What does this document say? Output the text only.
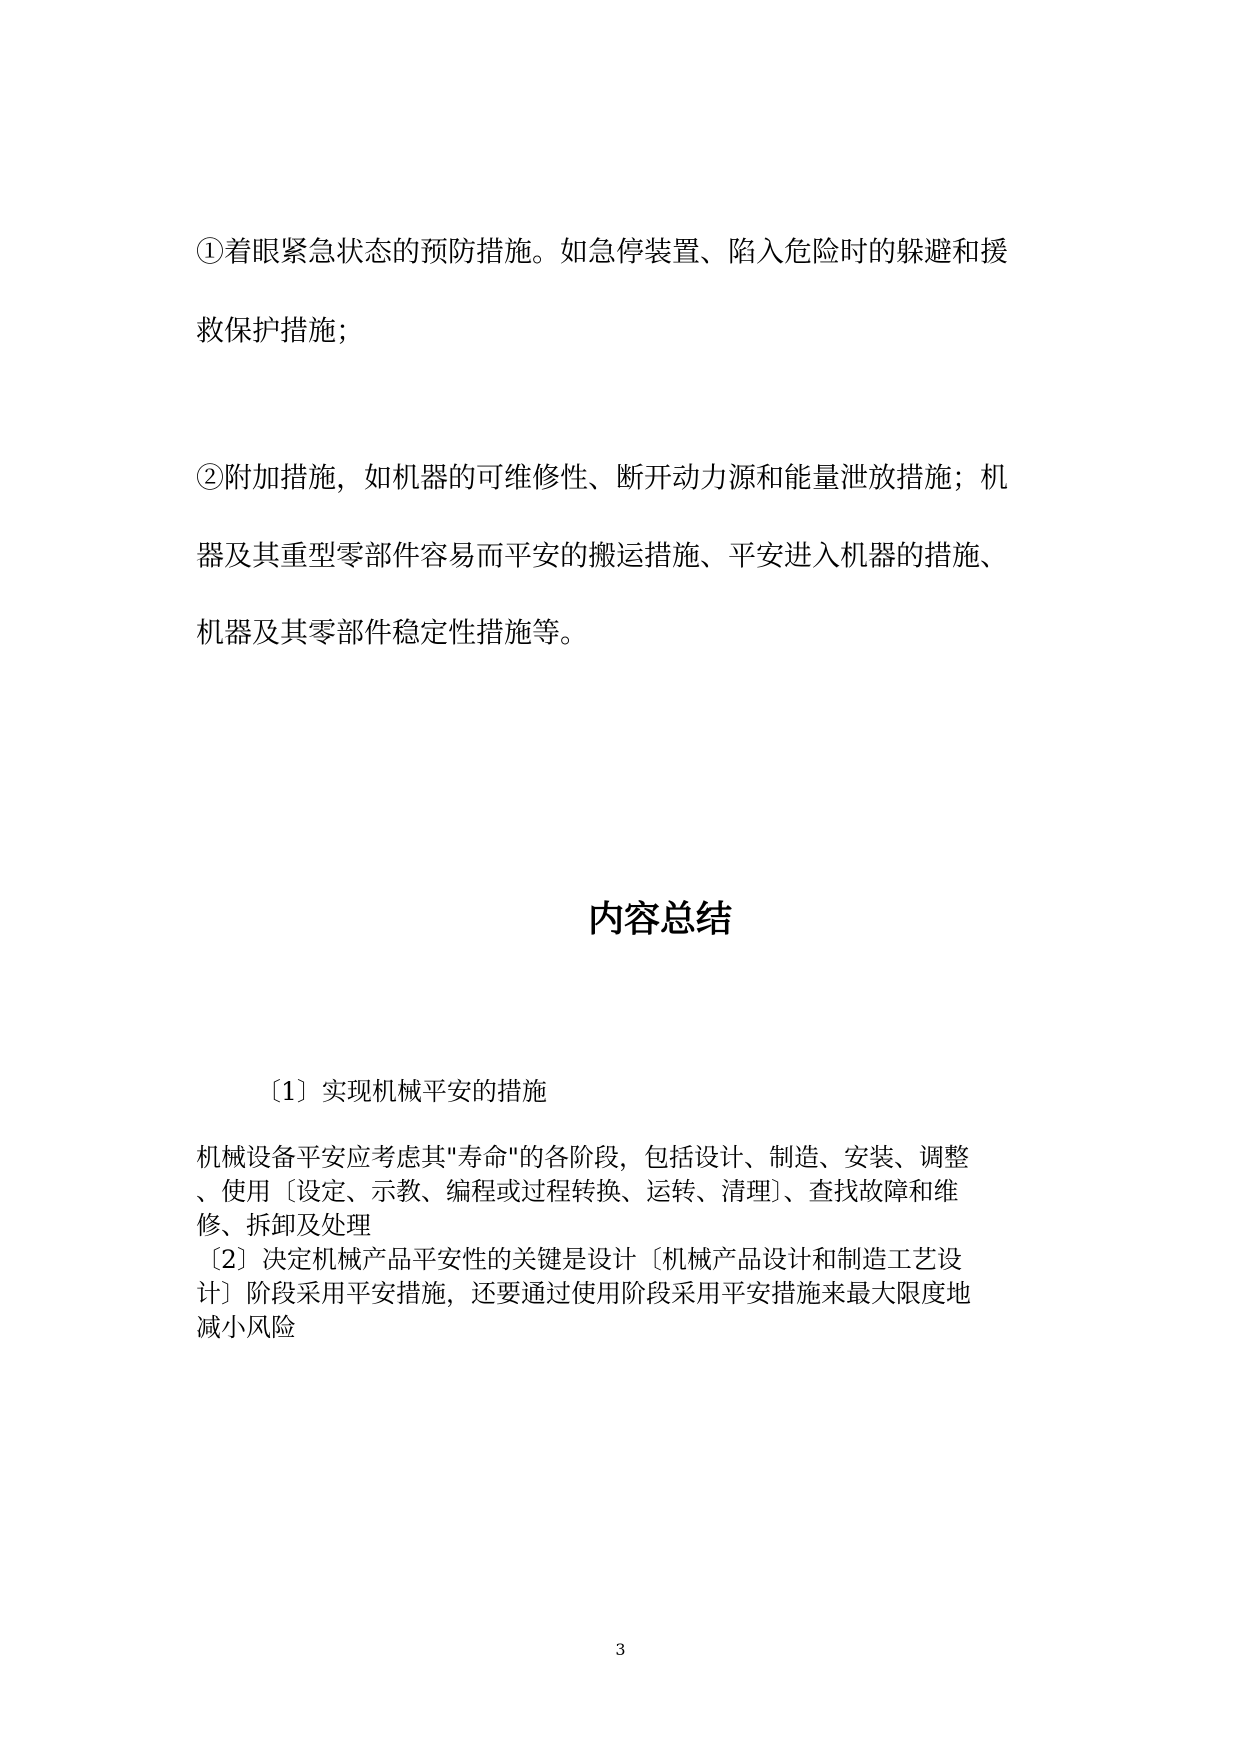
①着眼紧急状态的预防措施。如急停装置、陷入危险时的躲避和援
救保护措施；
②附加措施，如机器的可维修性、断开动力源和能量泄放措施；机
器及其重型零部件容易而平安的搬运措施、平安进入机器的措施、
机器及其零部件稳定性措施等。
内容总结
〔1〕实现机械平安的措施
机械设备平安应考虑其"寿命"的各阶段，包括设计、制造、安装、调整
、使用〔设定、示教、编程或过程转换、运转、清理〕、查找故障和维
修、拆卸及处理
〔2〕决定机械产品平安性的关键是设计〔机械产品设计和制造工艺设
计〕阶段采用平安措施，还要通过使用阶段采用平安措施来最大限度地
减小风险
3
